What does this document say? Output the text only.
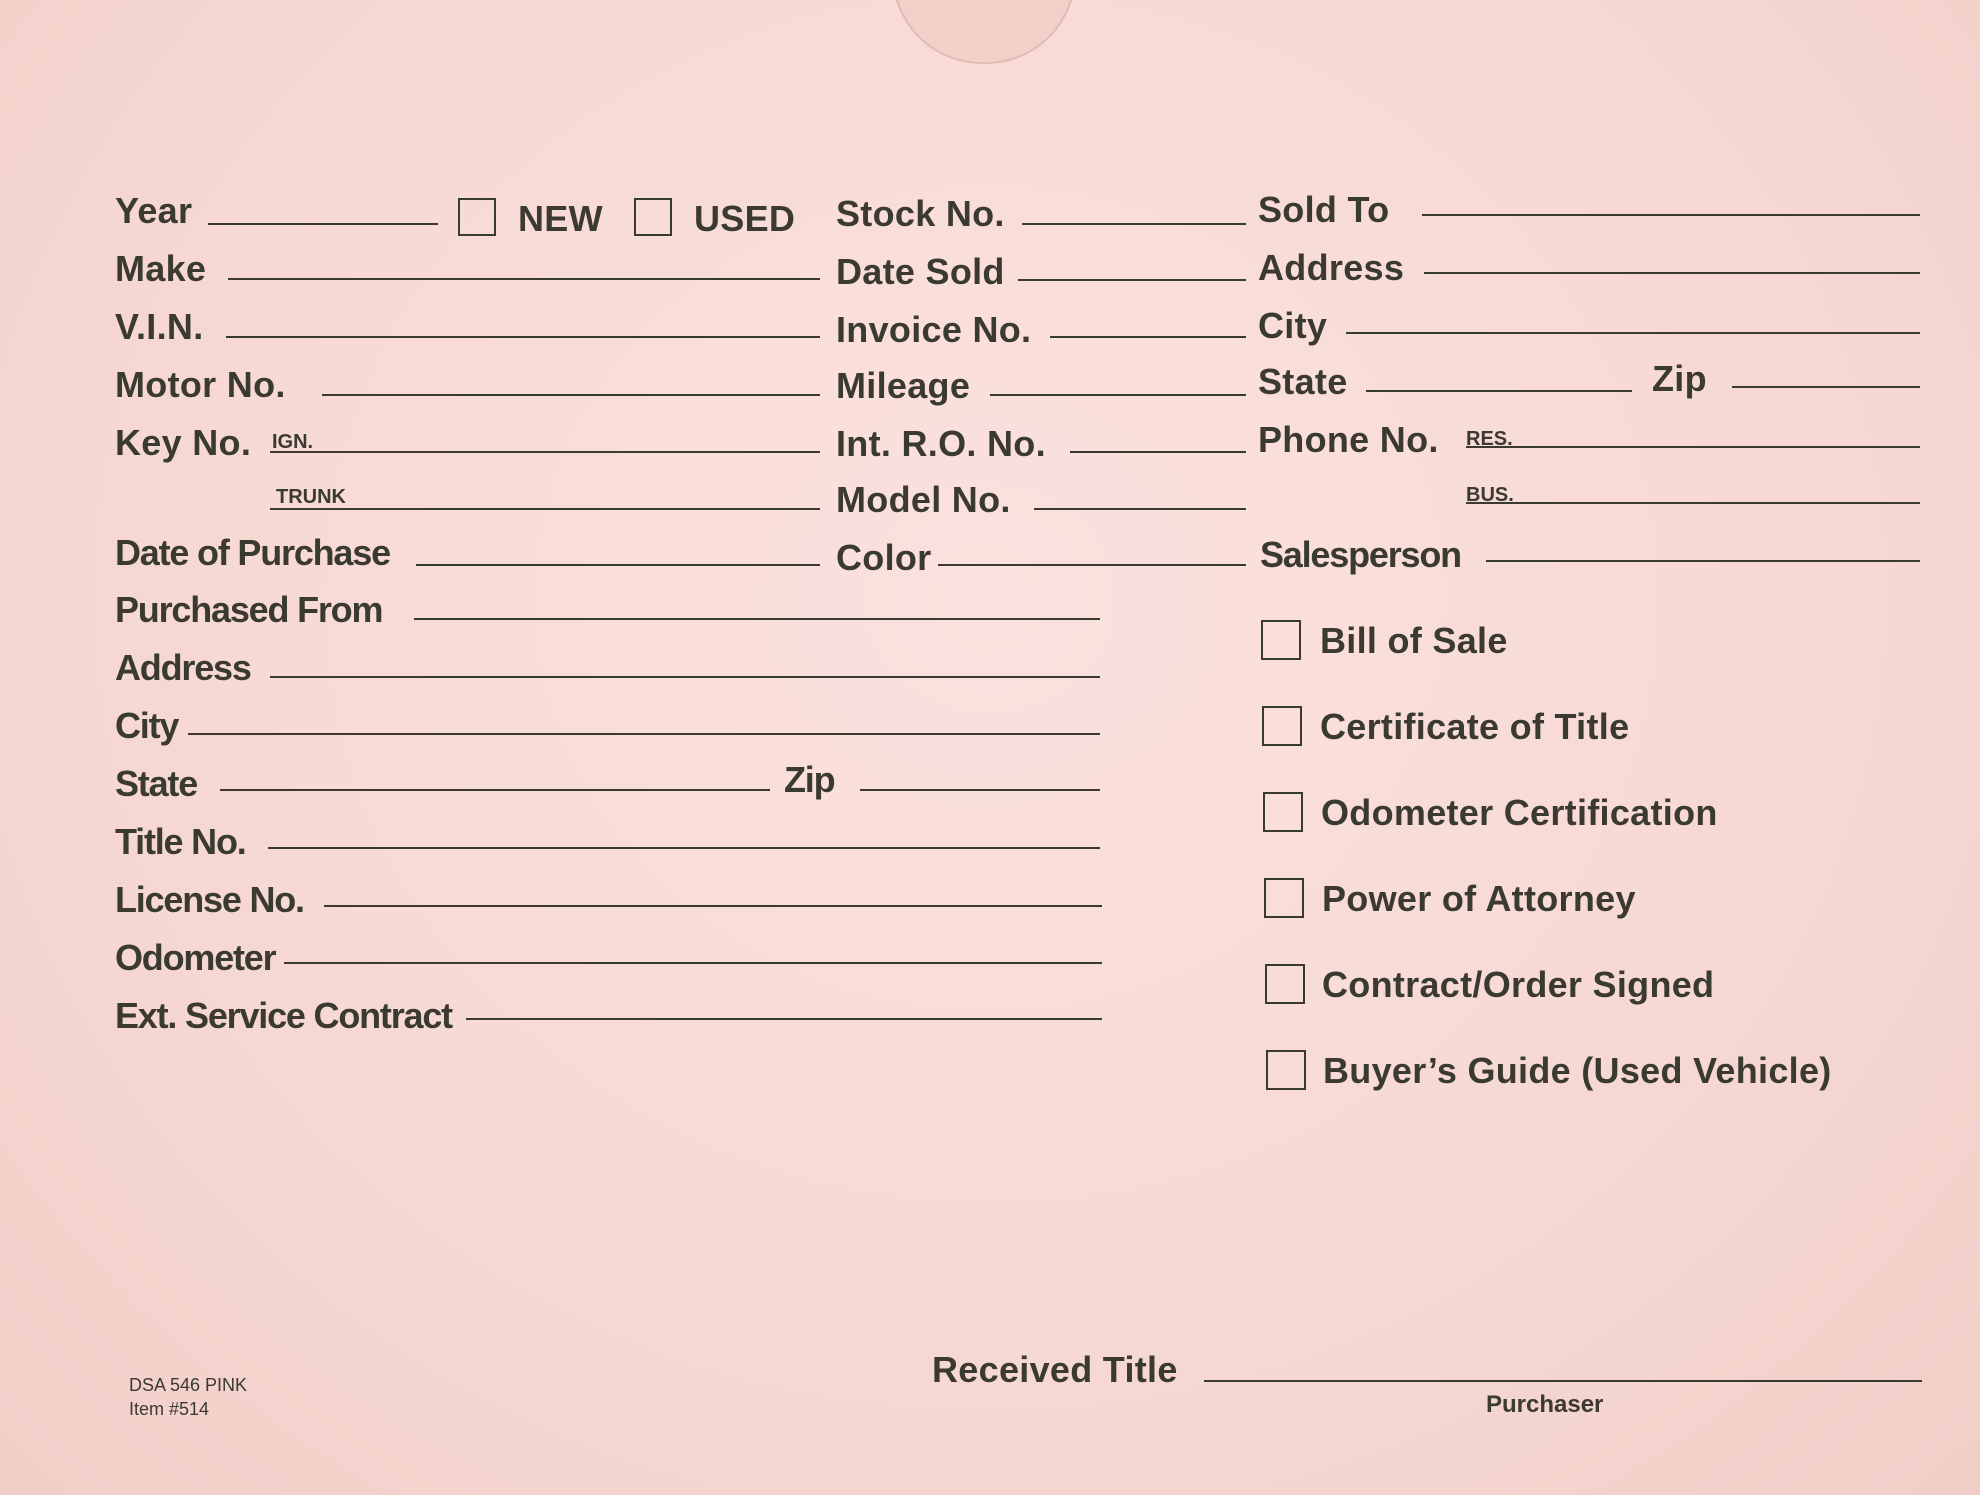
Year	NEW	USED
Make
V.I.N.
Motor No.
Key No. IGN.
TRUNK
Date of Purchase
Purchased From
Address
City
State	Zip
Title No.
License No.
Odometer
Ext. Service Contract
Stock No.
Date Sold
Invoice No.
Mileage
Int. R.O. No.
Model No.
Color
Sold To
Address
City
State	Zip
Phone No. RES.
BUS.
Salesperson
Bill of Sale
Certificate of Title
Odometer Certification
Power of Attorney
Contract/Order Signed
Buyer’s Guide (Used Vehicle)
DSA 546 PINK
Item #514
Received Title
Purchaser
